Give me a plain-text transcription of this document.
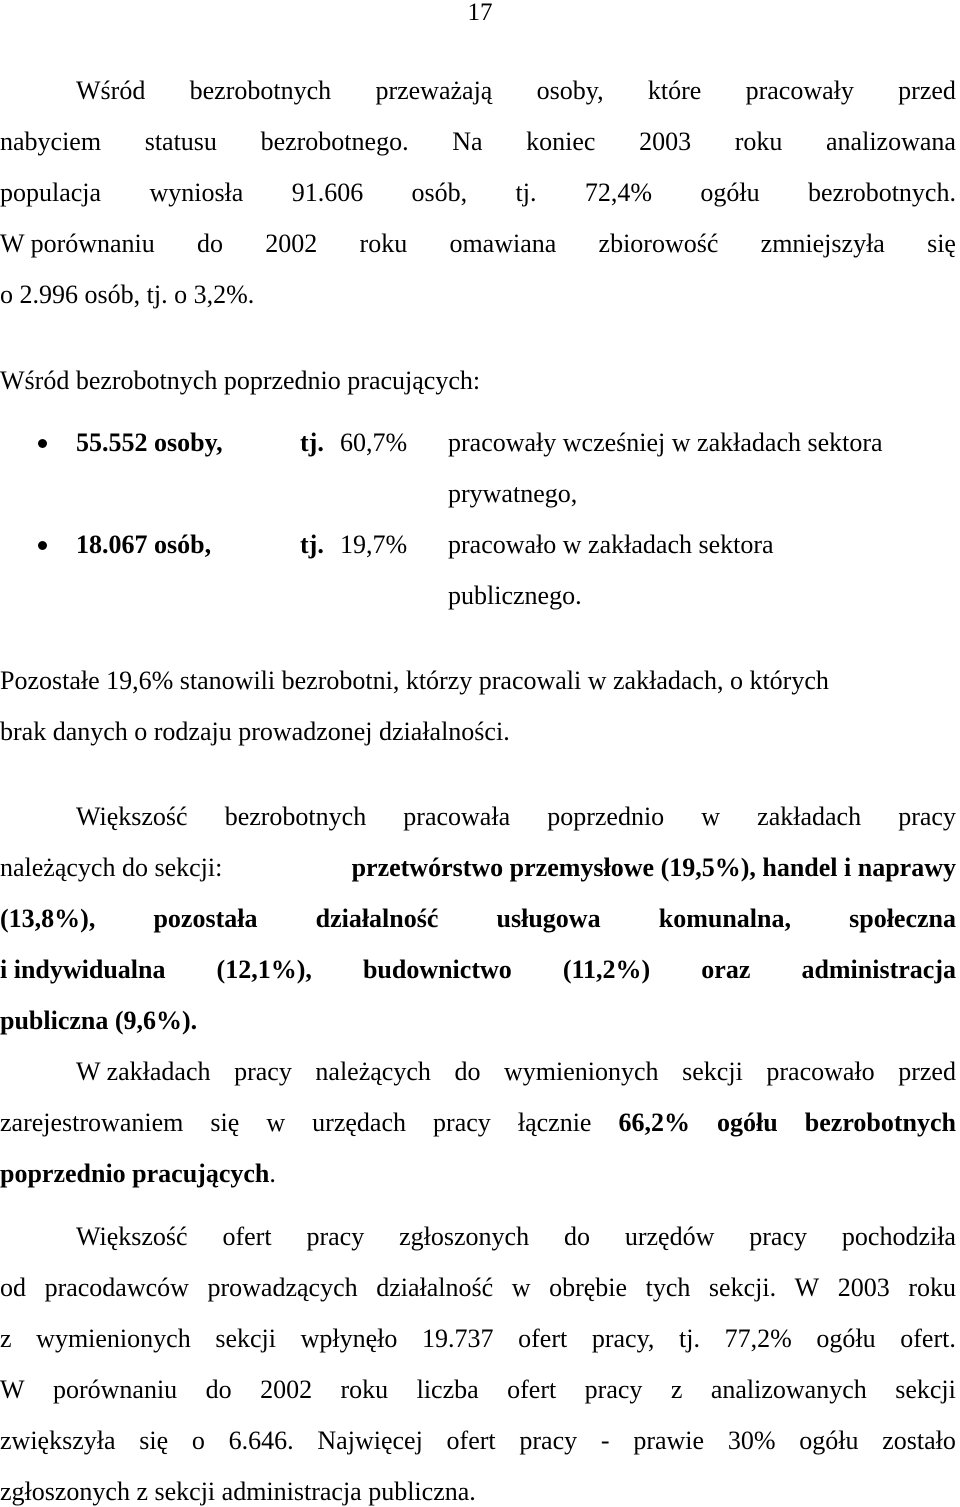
17
Wśród bezrobotnych przeważają osoby, które pracowały przed
nabyciem statusu bezrobotnego. Na koniec 2003 roku analizowana
populacja wyniosła 91.606 osób, tj. 72,4% ogółu bezrobotnych.
W porównaniu do 2002 roku omawiana zbiorowość zmniejszyła się
o 2.996 osób, tj. o 3,2%.
Wśród bezrobotnych poprzednio pracujących:
55.552 osoby,	tj. 60,7% pracowały wcześniej w zakładach sektora
prywatnego,
18.067 osób,	tj. 19,7% pracowało w zakładach sektora
publicznego.
Pozostałe 19,6% stanowili bezrobotni, którzy pracowali w zakładach, o których
brak danych o rodzaju prowadzonej działalności.
Większość bezrobotnych pracowała poprzednio w zakładach pracy
należących do sekcji:	przetwórstwo przemysłowe (19,5%), handel i naprawy
(13,8%), pozostała działalność usługowa komunalna, społeczna
i indywidualna (12,1%), budownictwo (11,2%) oraz administracja
publiczna (9,6%).
W zakładach pracy należących do wymienionych sekcji pracowało przed
zarejestrowaniem się w urzędach pracy łącznie 66,2% ogółu bezrobotnych
poprzednio pracujących.
Większość ofert pracy zgłoszonych do urzędów pracy pochodziła
od pracodawców prowadzących działalność w obrębie tych sekcji. W 2003 roku
z wymienionych sekcji wpłynęło 19.737 ofert pracy, tj. 77,2% ogółu ofert.
W porównaniu do 2002 roku liczba ofert pracy z analizowanych sekcji
zwiększyła się o 6.646. Najwięcej ofert pracy - prawie 30% ogółu zostało
zgłoszonych z sekcji administracja publiczna.
